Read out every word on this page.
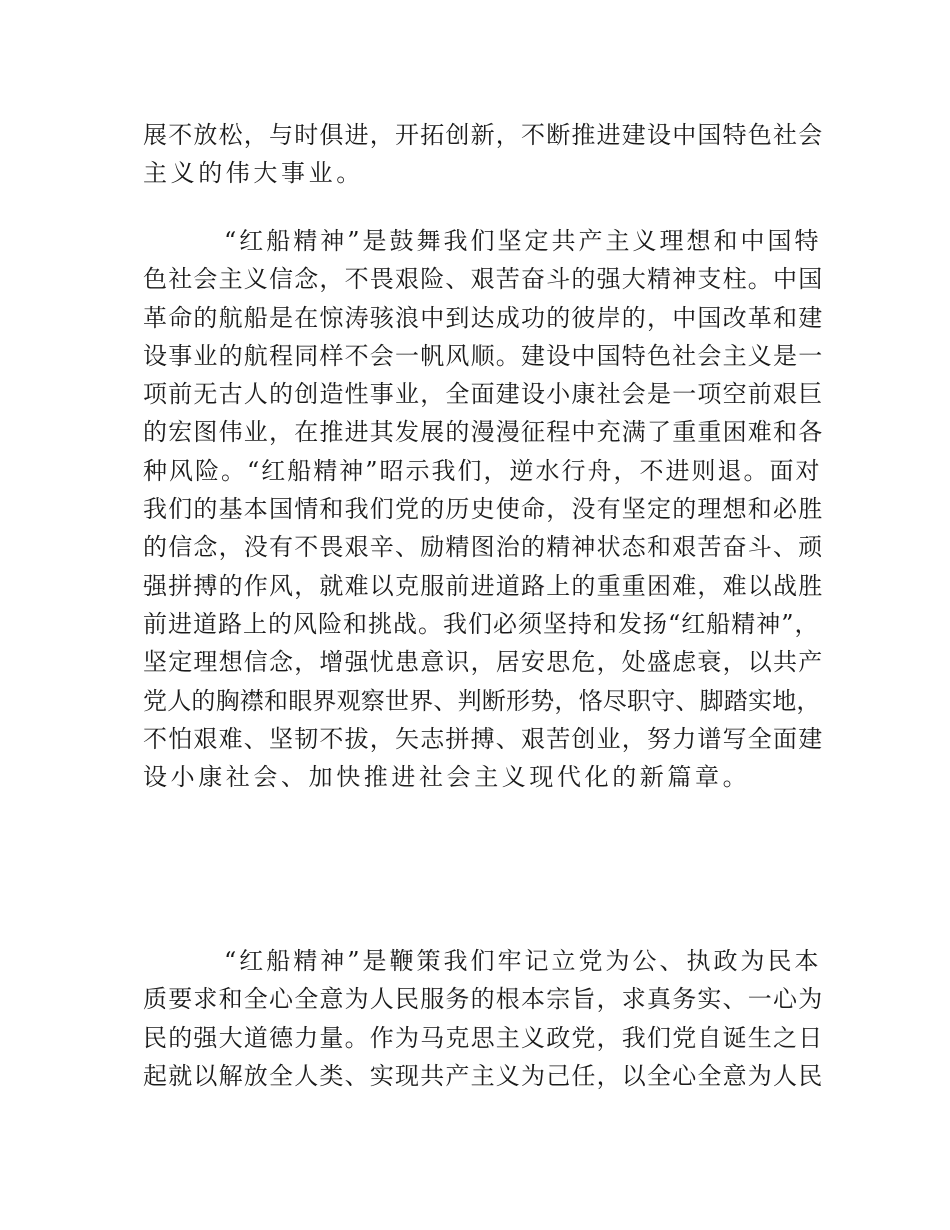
展不放松，与时俱进，开拓创新，不断推进建设中国特色社会
主义的伟大事业。

　　　“红船精神”是鼓舞我们坚定共产主义理想和中国特
色社会主义信念，不畏艰险、艰苦奋斗的强大精神支柱。中国
革命的航船是在惊涛骇浪中到达成功的彼岸的，中国改革和建
设事业的航程同样不会一帆风顺。建设中国特色社会主义是一
项前无古人的创造性事业，全面建设小康社会是一项空前艰巨
的宏图伟业，在推进其发展的漫漫征程中充满了重重困难和各
种风险。“红船精神”昭示我们，逆水行舟，不进则退。面对
我们的基本国情和我们党的历史使命，没有坚定的理想和必胜
的信念，没有不畏艰辛、励精图治的精神状态和艰苦奋斗、顽
强拼搏的作风，就难以克服前进道路上的重重困难，难以战胜
前进道路上的风险和挑战。我们必须坚持和发扬“红船精神”，
坚定理想信念，增强忧患意识，居安思危，处盛虑衰，以共产
党人的胸襟和眼界观察世界、判断形势，恪尽职守、脚踏实地，
不怕艰难、坚韧不拔，矢志拼搏、艰苦创业，努力谱写全面建
设小康社会、加快推进社会主义现代化的新篇章。

　　　“红船精神”是鞭策我们牢记立党为公、执政为民本
质要求和全心全意为人民服务的根本宗旨，求真务实、一心为
民的强大道德力量。作为马克思主义政党，我们党自诞生之日
起就以解放全人类、实现共产主义为己任，以全心全意为人民
